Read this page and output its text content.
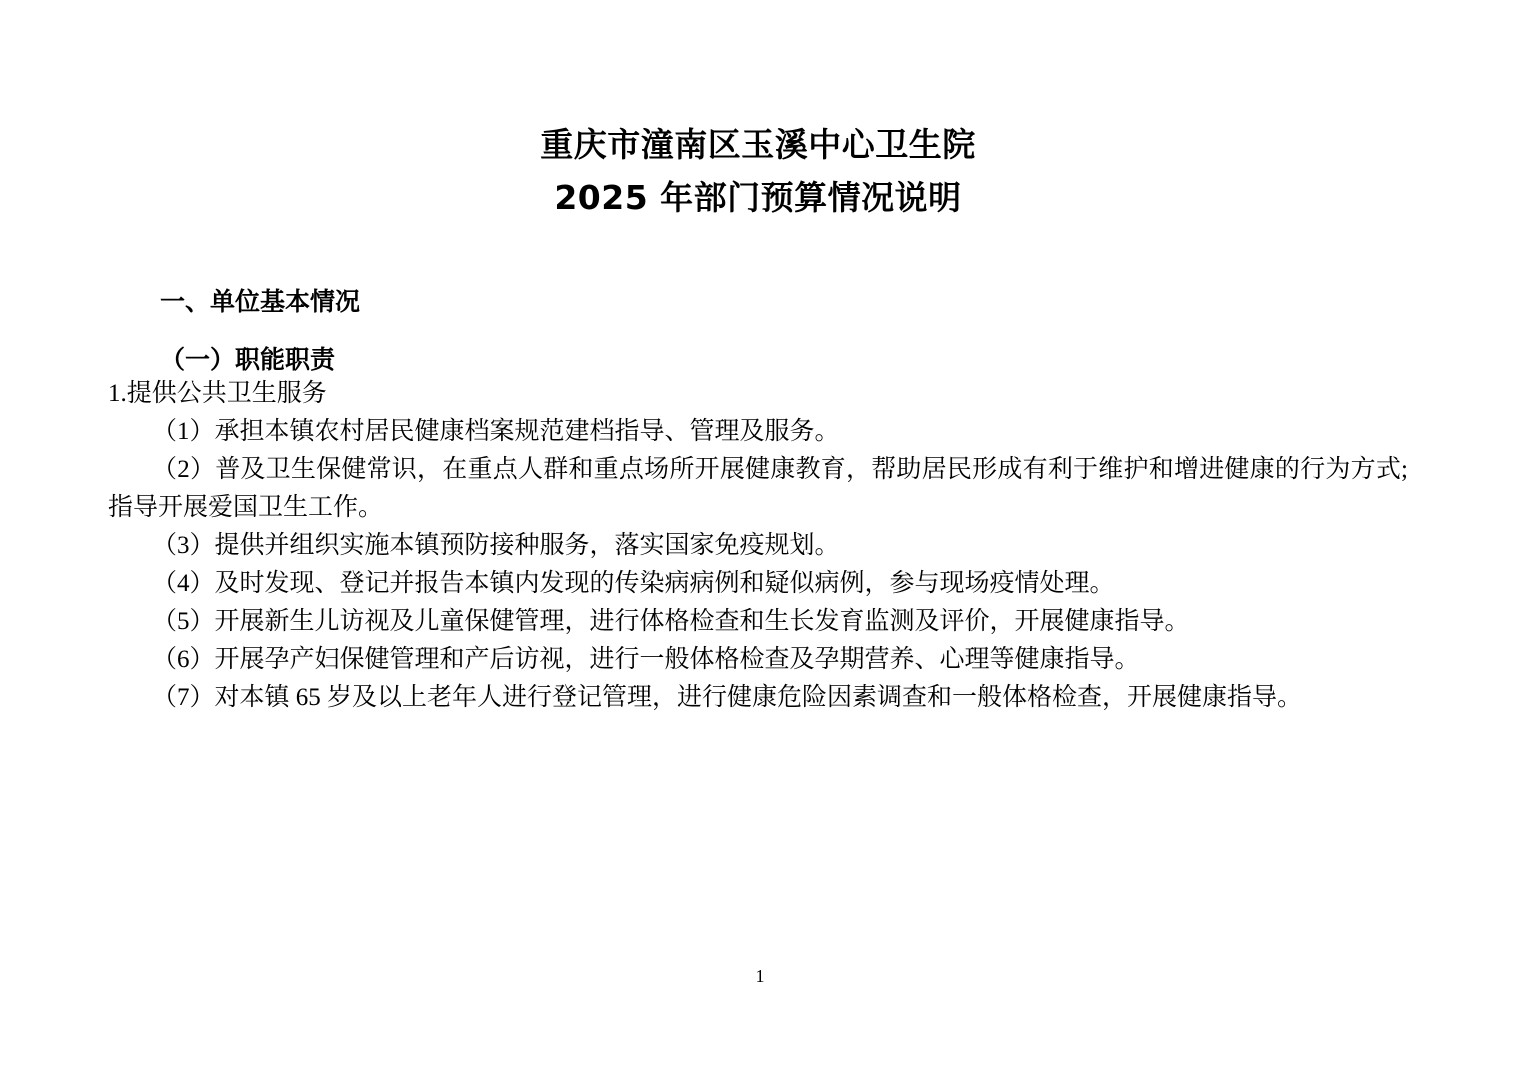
重庆市潼南区玉溪中心卫生院
2025 年部门预算情况说明
一、单位基本情况
（一）职能职责

1.提供公共卫生服务

（1）承担本镇农村居民健康档案规范建档指导、管理及服务。

（2）普及卫生保健常识，在重点人群和重点场所开展健康教育，帮助居民形成有利于维护和增进健康的行为方式;指导开展爱国卫生工作。

（3）提供并组织实施本镇预防接种服务，落实国家免疫规划。

（4）及时发现、登记并报告本镇内发现的传染病病例和疑似病例，参与现场疫情处理。

（5）开展新生儿访视及儿童保健管理，进行体格检查和生长发育监测及评价，开展健康指导。

（6）开展孕产妇保健管理和产后访视，进行一般体格检查及孕期营养、心理等健康指导。

（7）对本镇 65 岁及以上老年人进行登记管理，进行健康危险因素调查和一般体格检查，开展健康指导。

1
